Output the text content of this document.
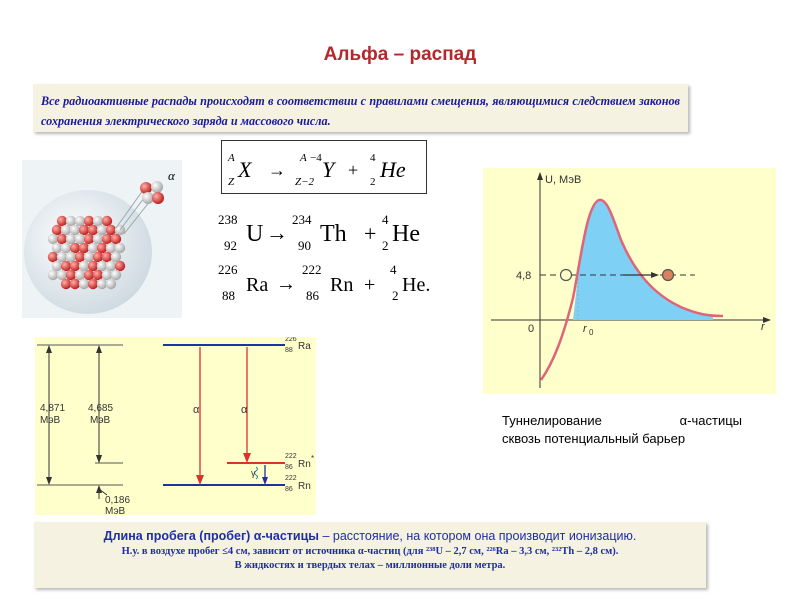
Альфа – распад
Все радиоактивные распады происходят в соответствии с правилами смещения, являющимися следствием законов сохранения электрического заряда и массового числа.
α
A
Z X →
A −4
Z−2 Y +
4
2 He
238
92 U →
234
90 Th +
4
2 He
226
88 Ra →
222
86 Rn +
4
2 He.
4,871
МэВ
4,685
МэВ
0,186
МэВ
226
88 Ra
222
86 Rn
*
222
86 Rn
α	α
γ
U, МэВ
r
0	r 0
4,8
Туннелирование	α-частицы
сквозь потенциальный барьер
Длина пробега (пробег) α-частицы – расстояние, на котором она производит ионизацию.
Н.у. в воздухе пробег ≤4 см, зависит от источника α-частиц (для ²³⁸U – 2,7 см, ²²⁶Ra – 3,3 см, ²³²Th – 2,8 см).
В жидкостях и твердых телах – миллионные доли метра.
